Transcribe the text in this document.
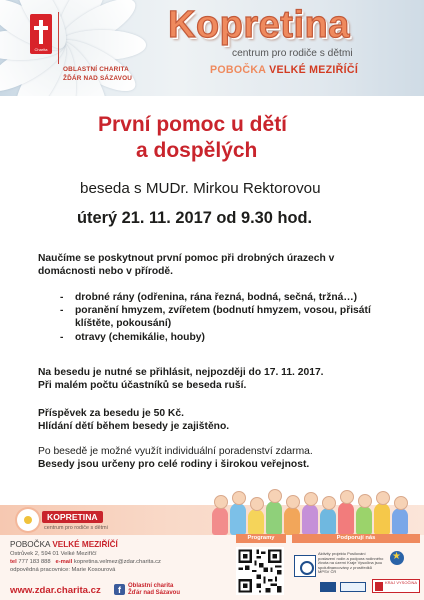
Charita
OBLASTNÍ CHARITA
ŽĎÁR NAD SÁZAVOU
Kopretina
centrum pro rodiče s dětmi
POBOČKA VELKÉ MEZIŘÍČÍ
První pomoc u dětí
a dospělých
beseda s MUDr. Mirkou Rektorovou
úterý 21. 11. 2017 od 9.30 hod.
Naučíme se poskytnout první pomoc při drobných úrazech v domácnosti nebo v přírodě.
- drobné rány (odřenina, rána řezná, bodná, sečná, tržná…)
- poranění hmyzem, zvířetem (bodnutí hmyzem, vosou, přisátí klíštěte, pokousání)
- otravy (chemikálie, houby)
Na besedu je nutné se přihlásit, nejpozději do 17. 11. 2017.
Při malém počtu účastníků se beseda ruší.
Příspěvek za besedu je 50 Kč.
Hlídání dětí během besedy je zajištěno.
Po besedě je možné využít individuální poradenství zdarma.
Besedy jsou určeny pro celé rodiny i širokou veřejnost.
KOPRETINA
centrum pro rodiče s dětmi
POBOČKA VELKÉ MEZIŘÍČÍ
Ostrůvek 2, 594 01 Velké Meziříčí
tel 777 183 888 e-mail kopretina.velmez@zdar.charita.cz
odpovědná pracovnice: Marie Kosourová
www.zdar.charita.cz	f	Oblastní charita
Žďár nad Sázavou
Programy	Podporují nás
Aktivity projektu Posilování postavení rodin a podpora rodinného života na území Kraje Vysočina jsou spolufinancovány z prostředků MPSV ČR
★
KRAJ VYSOČINA
